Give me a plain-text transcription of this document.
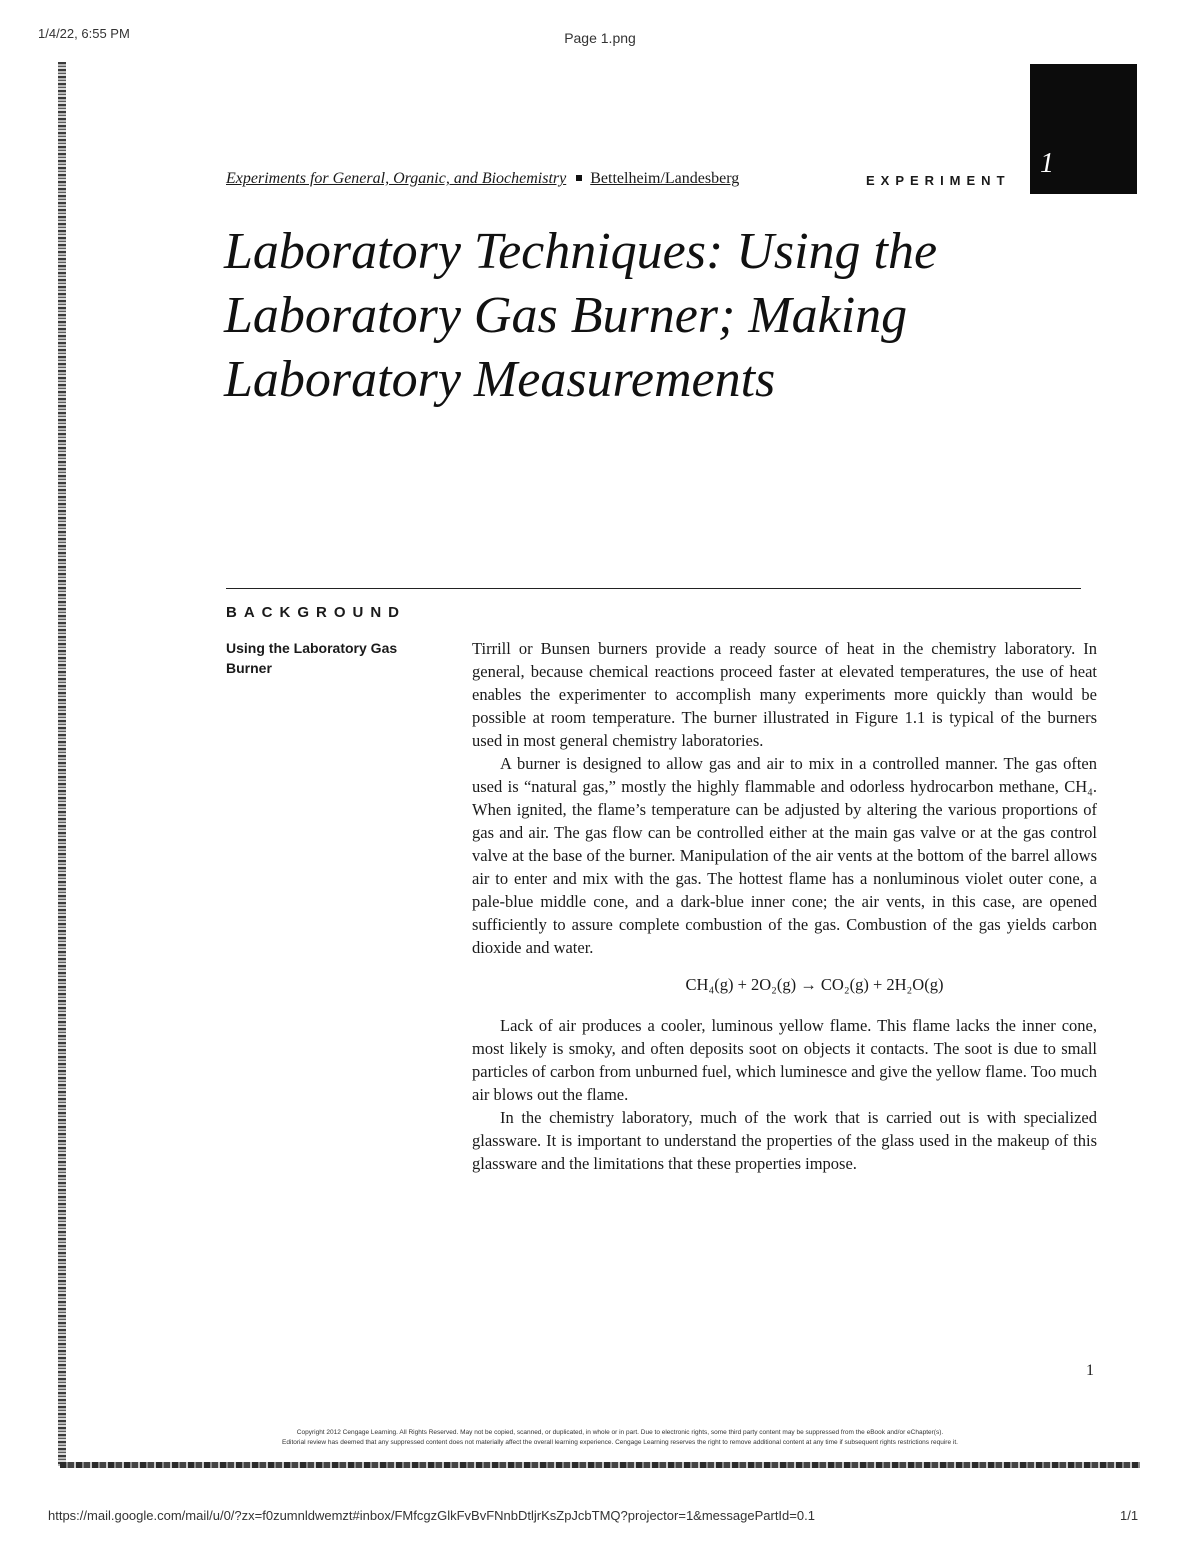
1/4/22, 6:55 PM	Page 1.png
1
Experiments for General, Organic, and Biochemistry Bettelheim/Landesberg	EXPERIMENT
Laboratory Techniques: Using the Laboratory Gas Burner; Making Laboratory Measurements
BACKGROUND
Using the Laboratory Gas Burner

Tirrill or Bunsen burners provide a ready source of heat in the chemistry laboratory. In general, because chemical reactions proceed faster at elevated temperatures, the use of heat enables the experimenter to accomplish many experiments more quickly than would be possible at room temperature. The burner illustrated in Figure 1.1 is typical of the burners used in most general chemistry laboratories.

A burner is designed to allow gas and air to mix in a controlled manner. The gas often used is “natural gas,” mostly the highly flammable and odorless hydrocarbon methane, CH₄. When ignited, the flame’s temperature can be adjusted by altering the various proportions of gas and air. The gas flow can be controlled either at the main gas valve or at the gas control valve at the base of the burner. Manipulation of the air vents at the bottom of the barrel allows air to enter and mix with the gas. The hottest flame has a nonluminous violet outer cone, a pale-blue middle cone, and a dark-blue inner cone; the air vents, in this case, are opened sufficiently to assure complete combustion of the gas. Combustion of the gas yields carbon dioxide and water.

CH₄(g) + 2O₂(g) → CO₂(g) + 2H₂O(g)

Lack of air produces a cooler, luminous yellow flame. This flame lacks the inner cone, most likely is smoky, and often deposits soot on objects it contacts. The soot is due to small particles of carbon from unburned fuel, which luminesce and give the yellow flame. Too much air blows out the flame.

In the chemistry laboratory, much of the work that is carried out is with specialized glassware. It is important to understand the properties of the glass used in the makeup of this glassware and the limitations that these properties impose.

1
Copyright 2012 Cengage Learning. All Rights Reserved. May not be copied, scanned, or duplicated, in whole or in part. Due to electronic rights, some third party content may be suppressed from the eBook and/or eChapter(s).
Editorial review has deemed that any suppressed content does not materially affect the overall learning experience. Cengage Learning reserves the right to remove additional content at any time if subsequent rights restrictions require it.
https://mail.google.com/mail/u/0/?zx=f0zumnldwemzt#inbox/FMfcgzGlkFvBvFNnbDtljrKsZpJcbTMQ?projector=1&messagePartId=0.1	1/1
